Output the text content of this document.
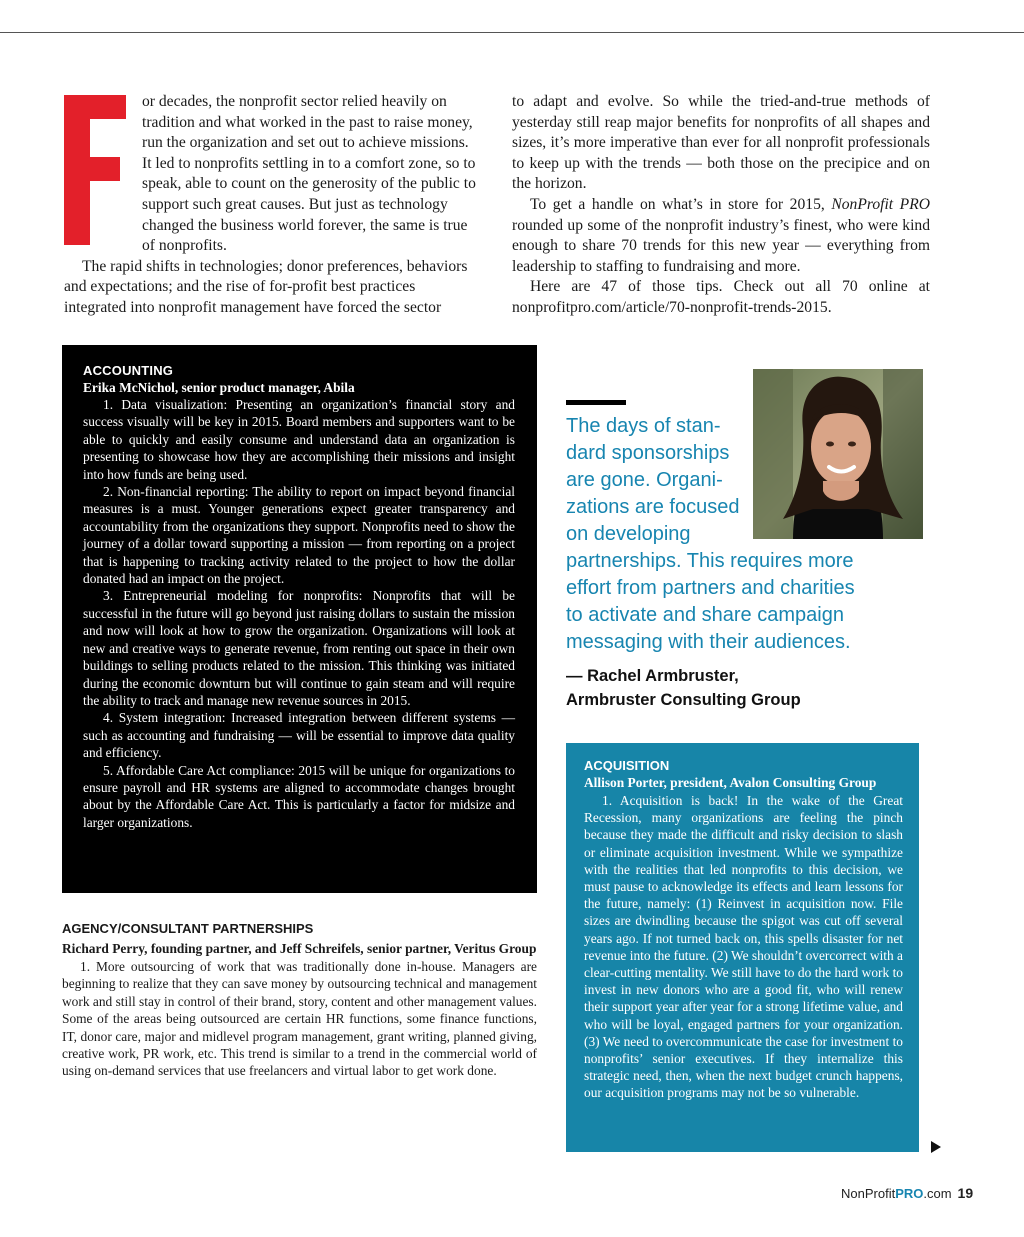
or decades, the nonprofit sector relied heavily on tradition and what worked in the past to raise money, run the organization and set out to achieve missions. It led to nonprofits settling in to a comfort zone, so to speak, able to count on the generosity of the public to support such great causes. But just as technology changed the business world forever, the same is true of nonprofits.

The rapid shifts in technologies; donor preferences, behaviors and expectations; and the rise of for-profit best practices integrated into nonprofit management have forced the sector

to adapt and evolve. So while the tried-and-true methods of yesterday still reap major benefits for nonprofits of all shapes and sizes, it’s more imperative than ever for all nonprofit professionals to keep up with the trends — both those on the precipice and on the horizon.

To get a handle on what’s in store for 2015, NonProfit PRO rounded up some of the nonprofit industry’s finest, who were kind enough to share 70 trends for this new year — everything from leadership to staffing to fundraising and more.

Here are 47 of those tips. Check out all 70 online at nonprofitpro.com/article/70-nonprofit-trends-2015.

ACCOUNTING
Erika McNichol, senior product manager, Abila

1. Data visualization: Presenting an organization’s financial story and success visually will be key in 2015. Board members and supporters want to be able to quickly and easily consume and understand data an organization is presenting to showcase how they are accomplishing their missions and insight into how funds are being used.

2. Non-financial reporting: The ability to report on impact beyond financial measures is a must. Younger generations expect greater transparency and accountability from the organizations they support. Nonprofits need to show the journey of a dollar toward supporting a mission — from reporting on a project that is happening to tracking activity related to the project to how the dollar donated had an impact on the project.

3. Entrepreneurial modeling for nonprofits: Nonprofits that will be successful in the future will go beyond just raising dollars to sustain the mission and now will look at how to grow the organization. Organizations will look at new and creative ways to generate revenue, from renting out space in their own buildings to selling products related to the mission. This thinking was initiated during the economic downturn but will continue to gain steam and will require the ability to track and manage new revenue sources in 2015.

4. System integration: Increased integration between different systems — such as accounting and fundraising — will be essential to improve data quality and efficiency.

5. Affordable Care Act compliance: 2015 will be unique for organizations to ensure payroll and HR systems are aligned to accommodate changes brought about by the Affordable Care Act. This is particularly a factor for midsize and larger organizations.

AGENCY/CONSULTANT PARTNERSHIPS
Richard Perry, founding partner, and Jeff Schreifels, senior partner, Veritus Group

1. More outsourcing of work that was traditionally done in-house. Managers are beginning to realize that they can save money by outsourcing technical and management work and still stay in control of their brand, story, content and other management values. Some of the areas being outsourced are certain HR functions, some finance functions, IT, donor care, major and midlevel program management, grant writing, planned giving, creative work, PR work, etc. This trend is similar to a trend in the commercial world of using on-demand services that use freelancers and virtual labor to get work done.

The days of stan-
dard sponsorships
are gone. Organi-
zations are focused
on developing
partnerships. This requires more
effort from partners and charities
to activate and share campaign
messaging with their audiences.
— Rachel Armbruster,
Armbruster Consulting Group
ACQUISITION
Allison Porter, president, Avalon Consulting Group

1. Acquisition is back! In the wake of the Great Recession, many organizations are feeling the pinch because they made the difficult and risky decision to slash or eliminate acquisition investment. While we sympathize with the realities that led nonprofits to this decision, we must pause to acknowledge its effects and learn lessons for the future, namely: (1) Reinvest in acquisition now. File sizes are dwindling because the spigot was cut off several years ago. If not turned back on, this spells disaster for net revenue into the future. (2) We shouldn’t overcorrect with a clear-cutting mentality. We still have to do the hard work to invest in new donors who are a good fit, who will renew their support year after year for a strong lifetime value, and who will be loyal, engaged partners for your organization. (3) We need to overcommunicate the case for investment to nonprofits’ senior executives. If they internalize this strategic need, then, when the next budget crunch happens, our acquisition programs may not be so vulnerable.

NonProfitPRO.com 19
